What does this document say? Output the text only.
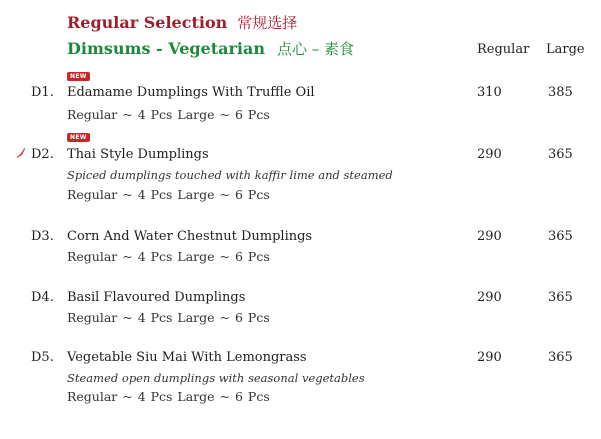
Regular Selection 常规选择
Dimsums - Vegetarian 点心 – 素食	Regular Large
NEW
D1. Edamame Dumplings With Truffle Oil	310	385
Regular ~ 4 Pcs Large ~ 6 Pcs
NEW
D2. Thai Style Dumplings	290	365
Spiced dumplings touched with kaffir lime and steamed
Regular ~ 4 Pcs Large ~ 6 Pcs
D3. Corn And Water Chestnut Dumplings	290	365
Regular ~ 4 Pcs Large ~ 6 Pcs
D4. Basil Flavoured Dumplings	290	365
Regular ~ 4 Pcs Large ~ 6 Pcs
D5. Vegetable Siu Mai With Lemongrass	290	365
Steamed open dumplings with seasonal vegetables
Regular ~ 4 Pcs Large ~ 6 Pcs
